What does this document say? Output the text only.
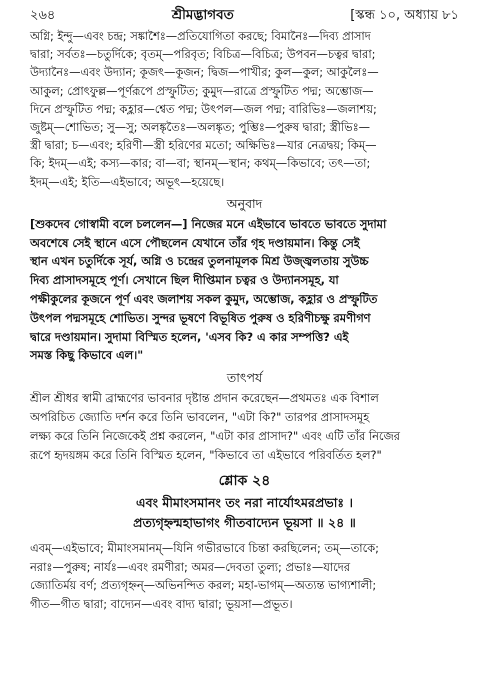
২৬৪	শ্রীমদ্ভাগবত	[স্কন্ধ ১০, অধ্যায় ৮১
অগ্নি; ইন্দু—এবং চন্দ্র; সঙ্কাশৈঃ—প্রতিযোগিতা করছে; বিমানৈঃ—দিব্য প্রাসাদ
দ্বারা; সর্বতঃ—চতুর্দিকে; বৃতম্—পরিবৃত; বিচিত্র—বিচিত্র; উপবন—চত্বর দ্বারা;
উদ্যানৈঃ—এবং উদ্যান; কূজৎ—কূজন; দ্বিজ—পাখীর; কুল—কুল; আকুলৈঃ—
আকুল; প্রোৎফুল্ল—পূর্ণরূপে প্রস্ফুটিত; কুমুদ—রাত্রে প্রস্ফুটিত পদ্ম; অম্ভোজ—
দিনে প্রস্ফুটিত পদ্ম; কহ্লার—শ্বেত পদ্ম; উৎপল—জল পদ্ম; বারিভিঃ—জলাশয়;
জুষ্টম্—শোভিত; সু—সু; অলঙ্কৃতৈঃ—অলঙ্কৃত; পুম্ভিঃ—পুরুষ দ্বারা; স্ত্রীভিঃ—
স্ত্রী দ্বারা; চ—এবং; হরিণী—স্ত্রী হরিণের মতো; অক্ষিভিঃ—যার নেত্রদ্বয়; কিম্—
কি; ইদম্—এই; কস্য—কার; বা—বা; স্থানম্—স্থান; কথম্—কিভাবে; তৎ—তা;
ইদম্—এই; ইতি—এইভাবে; অভূৎ—হয়েছে।
অনুবাদ
[শুকদেব গোস্বামী বলে চললেন—] নিজের মনে এইভাবে ভাবতে ভাবতে সুদামা
অবশেষে সেই স্থানে এসে পৌছলেন যেখানে তাঁর গৃহ দণ্ডায়মান। কিন্তু সেই
স্থান এখন চতুর্দিকে সূর্য, অগ্নি ও চন্দ্রের তুলনামূলক মিশ্র উজ্জ্বলতায় সুউচ্চ
দিব্য প্রাসাদসমূহে পূর্ণ। সেখানে ছিল দীপ্তিমান চত্বর ও উদ্যানসমূহ, যা
পক্ষীকুলের কূজনে পূর্ণ এবং জলাশয় সকল কুমুদ, অম্ভোজ, কহ্লার ও প্রস্ফুটিত
উৎপল পদ্মসমূহে শোভিত। সুন্দর ভূষণে বিভূষিত পুরুষ ও হরিণীচক্ষু রমণীগণ
দ্বারে দণ্ডায়মান। সুদামা বিস্মিত হলেন, 'এসব কি? এ কার সম্পত্তি? এই
সমস্ত কিছু কিভাবে এল।"
তাৎপর্য
শ্রীল শ্রীধর স্বামী ব্রাহ্মণের ভাবনার দৃষ্টান্ত প্রদান করেছেন—প্রথমতঃ এক বিশাল
অপরিচিত জ্যোতি দর্শন করে তিনি ভাবলেন, "এটা কি?" তারপর প্রাসাদসমূহ
লক্ষ্য করে তিনি নিজেকেই প্রশ্ন করলেন, "এটা কার প্রাসাদ?" এবং এটি তাঁর নিজের
রূপে হৃদয়ঙ্গম করে তিনি বিস্মিত হলেন, "কিভাবে তা এইভাবে পরিবর্তিত হল?"
শ্লোক ২৪
এবং মীমাংসমানং তং নরা নার্যোঽমরপ্রভাঃ ।
প্রত্যগৃহ্নন্মহাভাগং গীতবাদ্যেন ভূয়সা ॥ ২৪ ॥
এবম্—এইভাবে; মীমাংসমানম্—যিনি গভীরভাবে চিন্তা করছিলেন; তম্—তাকে;
নরাঃ—পুরুষ; নার্যঃ—এবং রমণীরা; অমর—দেবতা তুল্য; প্রভাঃ—যাদের
জ্যোতির্ময় বর্ণ; প্রত্যগৃহ্নন্—অভিনন্দিত করল; মহা-ভাগম্—অত্যন্ত ভাগ্যশালী;
গীত—গীত দ্বারা; বাদ্যেন—এবং বাদ্য দ্বারা; ভূয়সা—প্রভূত।
